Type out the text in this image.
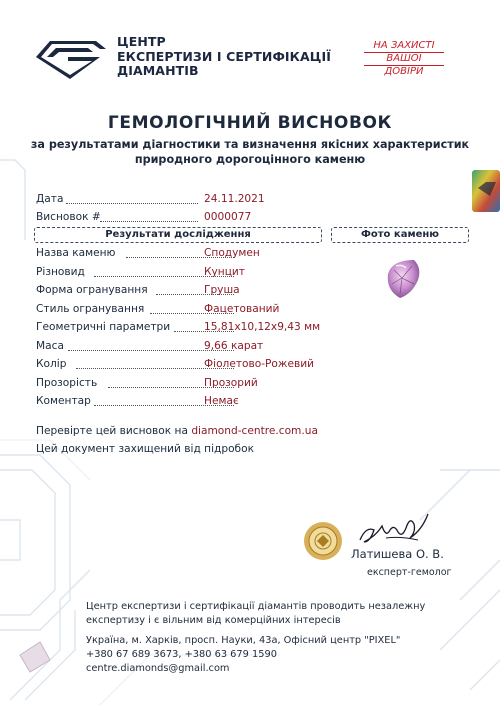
ЦЕНТР
ЕКСПЕРТИЗИ І СЕРТИФІКАЦІЇ
ДІАМАНТІВ
НА ЗАХИСТІ
ВАШОЇ
ДОВІРИ
ГЕМОЛОГІЧНИЙ ВИСНОВОК
за результатами діагностики та визначення якісних характеристик
природного дорогоцінного каменю
Дата	24.11.2021
Висновок #	0000077
Результати дослідження	Фото каменю
Назва каменю	Сподумен
Різновид	Кунцит
Форма огранування	Груша
Стиль огранування	Фацетований
Геометричні параметри	15,81x10,12x9,43 мм
Маса	9,66 карат
Колір	Фіолетово-Рожевий
Прозорість	Прозорий
Коментар	Немає
Перевірте цей висновок на diamond-centre.com.ua
Цей документ захищений від підробок
Латишева О. В.
експерт-гемолог
Центр експертизи і сертифікації діамантів проводить незалежну
експертизу і є вільним від комерційних інтересів
Україна, м. Харків, просп. Науки, 43а, Офісний центр "PIXEL"
+380 67 689 3673, +380 63 679 1590
centre.diamonds@gmail.com
